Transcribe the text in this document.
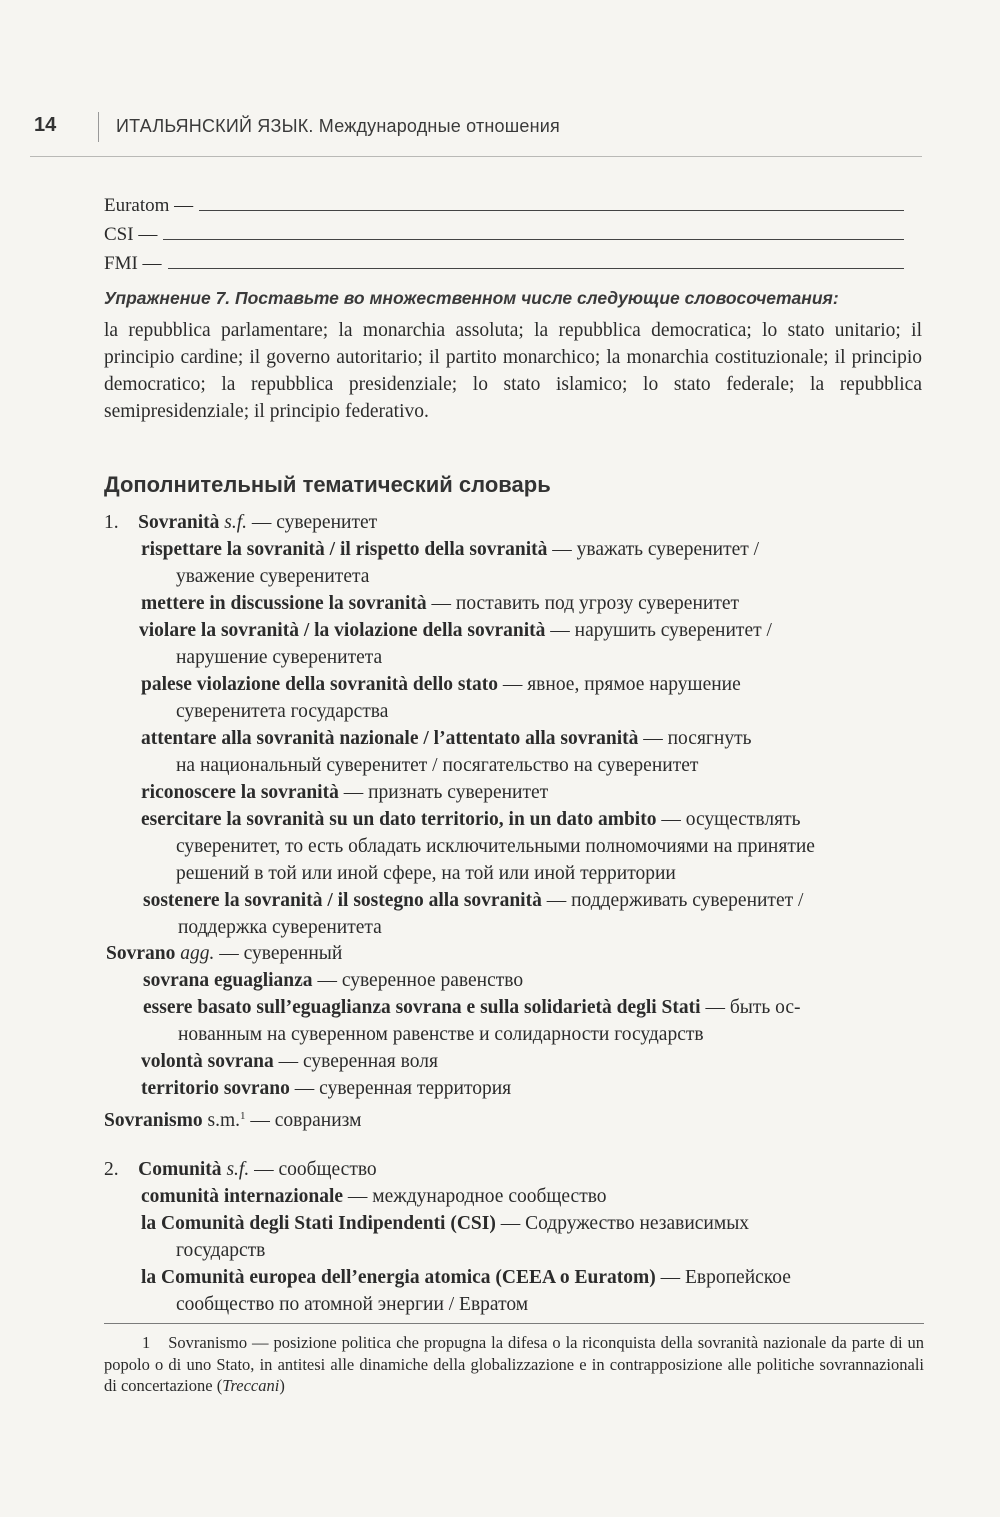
14	ИТАЛЬЯНСКИЙ ЯЗЫК. Международные отношения
Euratom —
CSI —
FMI —
Упражнение 7. Поставьте во множественном числе следующие словосочетания:

la repubblica parlamentare; la monarchia assoluta; la repubblica democratica; lo stato unitario; il principio cardine; il governo autoritario; il partito monarchico; la monarchia costituzionale; il principio democratico; la repubblica presidenziale; lo stato islamico; lo stato federale; la repubblica semipresidenziale; il principio federativo.

Дополнительный тематический словарь
1. Sovranità s.f. — суверенитет
rispettare la sovranità / il rispetto della sovranità — уважать суверенитет /
уважение суверенитета
mettere in discussione la sovranità — поставить под угрозу суверенитет
violare la sovranità / la violazione della sovranità — нарушить суверенитет /
нарушение суверенитета
palese violazione della sovranità dello stato — явное, прямое нарушение
суверенитета государства
attentare alla sovranità nazionale / l’attentato alla sovranità — посягнуть
на национальный суверенитет / посягательство на суверенитет
riconoscere la sovranità — признать суверенитет
esercitare la sovranità su un dato territorio, in un dato ambito — осуществлять
суверенитет, то есть обладать исключительными полномочиями на принятие
решений в той или иной сфере, на той или иной территории
sostenere la sovranità / il sostegno alla sovranità — поддерживать суверенитет /
поддержка суверенитета
Sovrano agg. — суверенный
sovrana eguaglianza — суверенное равенство
essere basato sull’eguaglianza sovrana e sulla solidarietà degli Stati — быть ос-
нованным на суверенном равенстве и солидарности государств
volontà sovrana — суверенная воля
territorio sovrano — суверенная территория
Sovranismo s.m.$^1$ — совранизм
2. Comunità s.f. — сообщество
comunità internazionale — международное сообщество
la Comunità degli Stati Indipendenti (CSI) — Содружество независимых
государств
la Comunità europea dell’energia atomica (CEEA o Euratom) — Европейское
сообщество по атомной энергии / Евратом

1 Sovranismo — posizione politica che propugna la difesa o la riconquista della sovranità nazionale da parte di un popolo o di uno Stato, in antitesi alle dinamiche della globalizzazione e in contrapposizione alle politiche sovrannazionali di concertazione (Treccani)
